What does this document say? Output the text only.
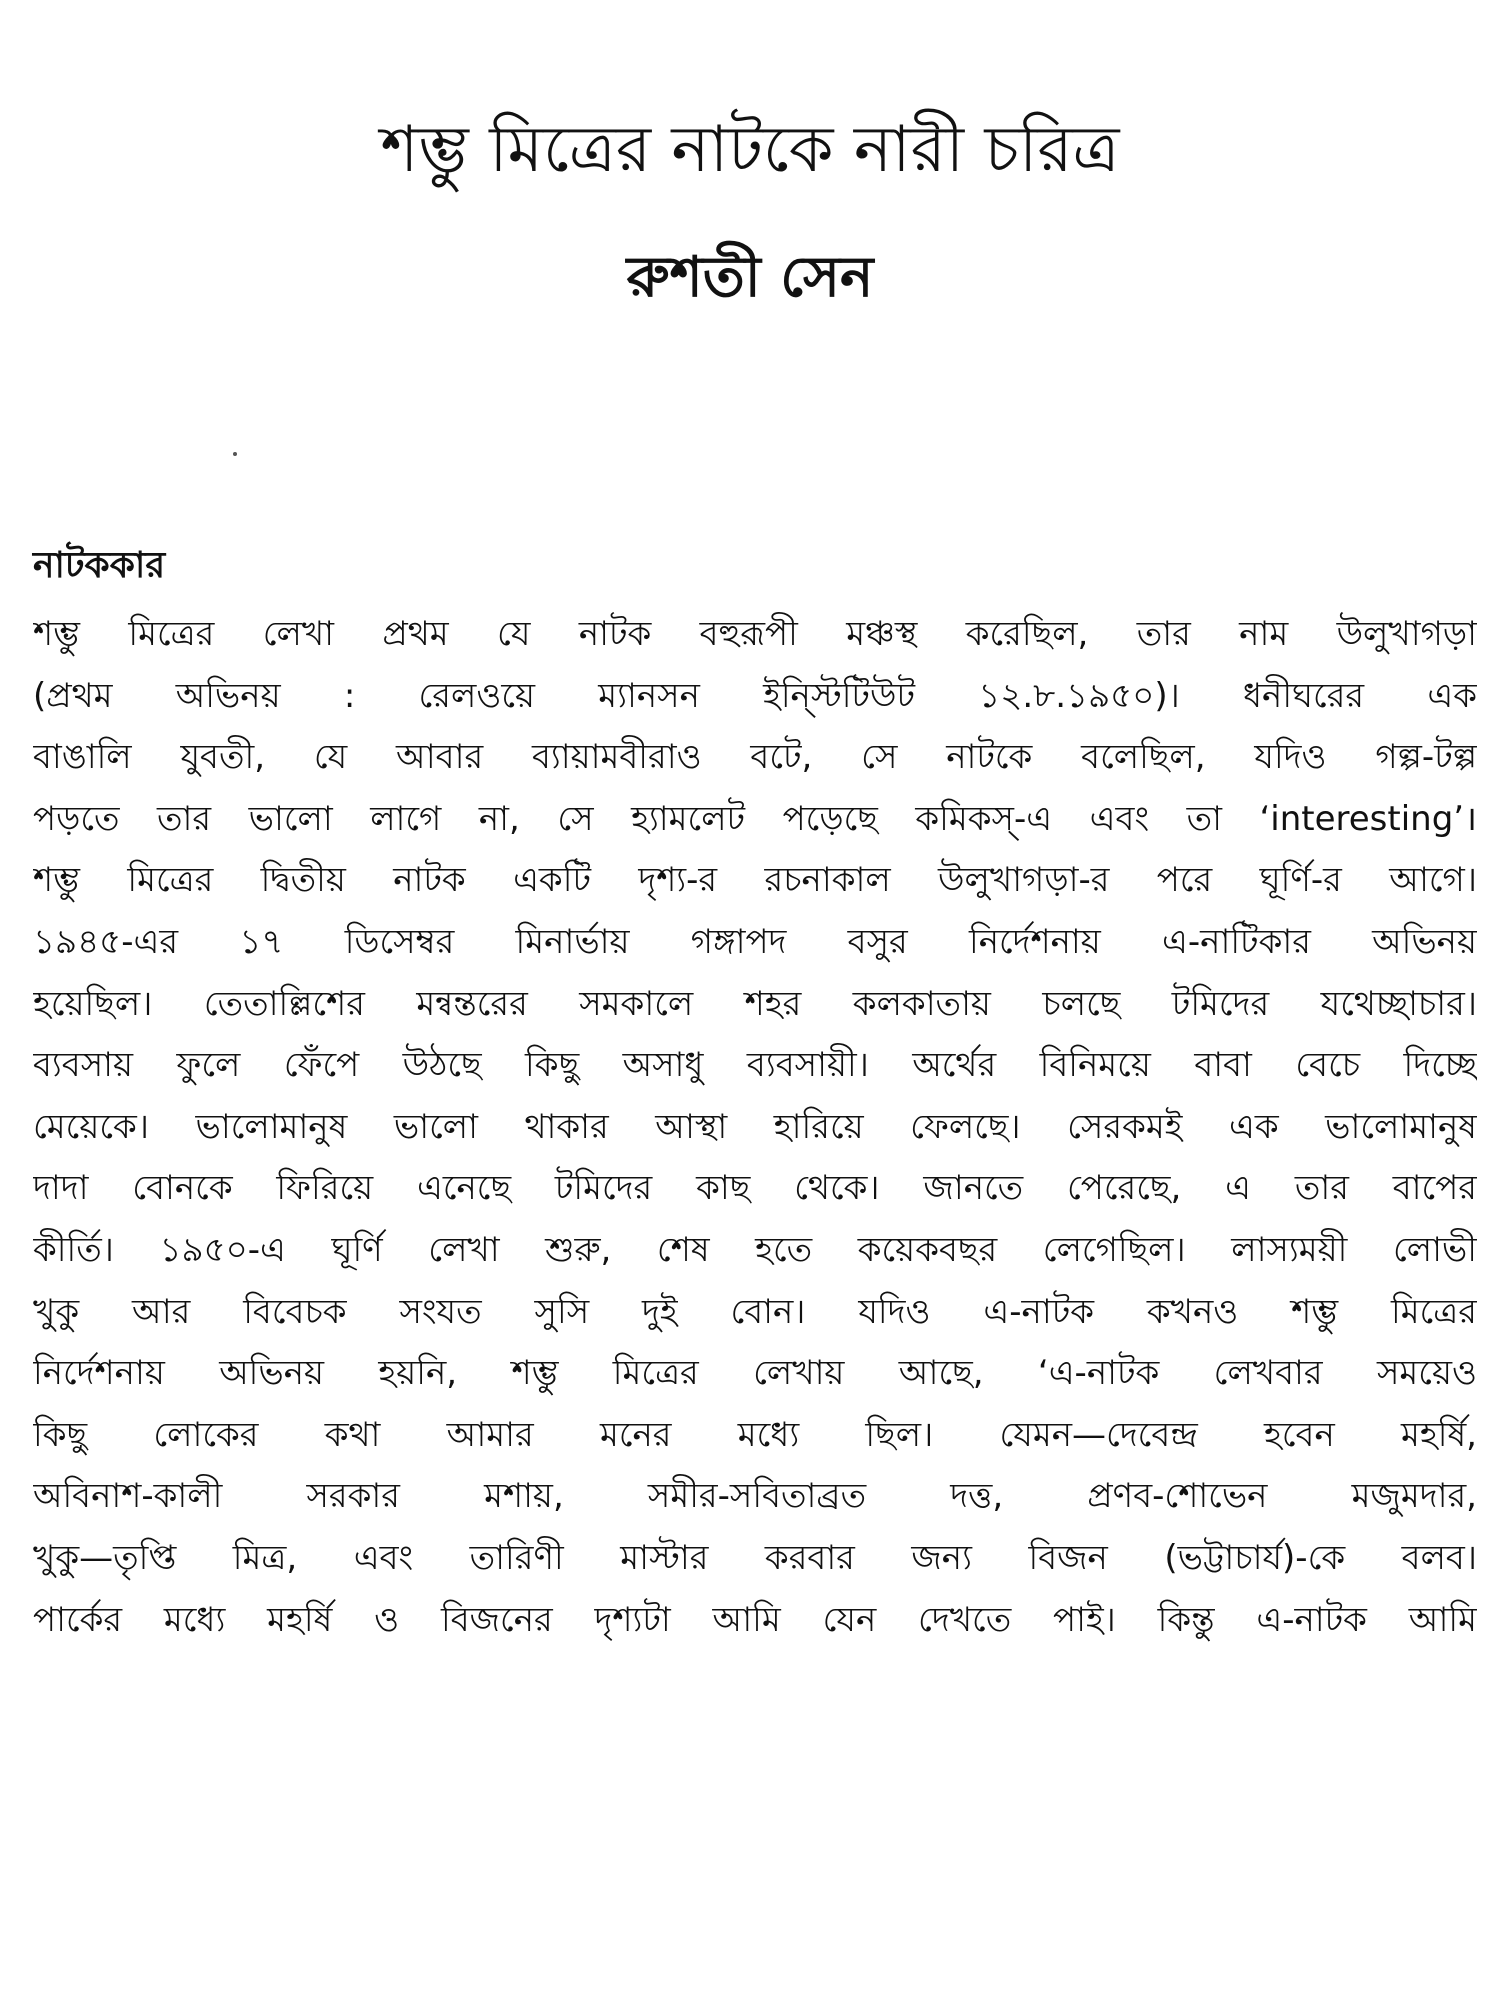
শম্ভু মিত্রের নাটকে নারী চরিত্র
রুশতী সেন
নাটককার
শম্ভু মিত্রের লেখা প্রথম যে নাটক বহুরূপী মঞ্চস্থ করেছিল, তার নাম উলুখাগড়া
(প্রথম অভিনয় : রেলওয়ে ম্যানসন ইন্স্টিটিউট ১২.৮.১৯৫০)। ধনীঘরের এক
বাঙালি যুবতী, যে আবার ব্যায়ামবীরাও বটে, সে নাটকে বলেছিল, যদিও গল্প-টল্প
পড়তে তার ভালো লাগে না, সে হ্যামলেট পড়েছে কমিকস্-এ এবং তা ‘interesting’।
শম্ভু মিত্রের দ্বিতীয় নাটক একটি দৃশ্য-র রচনাকাল উলুখাগড়া-র পরে ঘূর্ণি-র আগে।
১৯৪৫-এর ১৭ ডিসেম্বর মিনার্ভায় গঙ্গাপদ বসুর নির্দেশনায় এ-নাটিকার অভিনয়
হয়েছিল। তেতাল্লিশের মন্বন্তরের সমকালে শহর কলকাতায় চলছে টমিদের যথেচ্ছাচার।
ব্যবসায় ফুলে ফেঁপে উঠছে কিছু অসাধু ব্যবসায়ী। অর্থের বিনিময়ে বাবা বেচে দিচ্ছে
মেয়েকে। ভালোমানুষ ভালো থাকার আস্থা হারিয়ে ফেলছে। সেরকমই এক ভালোমানুষ
দাদা বোনকে ফিরিয়ে এনেছে টমিদের কাছ থেকে। জানতে পেরেছে, এ তার বাপের
কীর্তি। ১৯৫০-এ ঘূর্ণি লেখা শুরু, শেষ হতে কয়েকবছর লেগেছিল। লাস্যময়ী লোভী
খুকু আর বিবেচক সংযত সুসি দুই বোন। যদিও এ-নাটক কখনও শম্ভু মিত্রের
নির্দেশনায় অভিনয় হয়নি, শম্ভু মিত্রের লেখায় আছে, ‘এ-নাটক লেখবার সময়েও
কিছু লোকের কথা আমার মনের মধ্যে ছিল। যেমন—দেবেন্দ্র হবেন মহর্ষি,
অবিনাশ-কালী সরকার মশায়, সমীর-সবিতাব্রত দত্ত, প্রণব-শোভেন মজুমদার,
খুকু—তৃপ্তি মিত্র, এবং তারিণী মাস্টার করবার জন্য বিজন (ভট্টাচার্য)-কে বলব।
পার্কের মধ্যে মহর্ষি ও বিজনের দৃশ্যটা আমি যেন দেখতে পাই। কিন্তু এ-নাটক আমি
